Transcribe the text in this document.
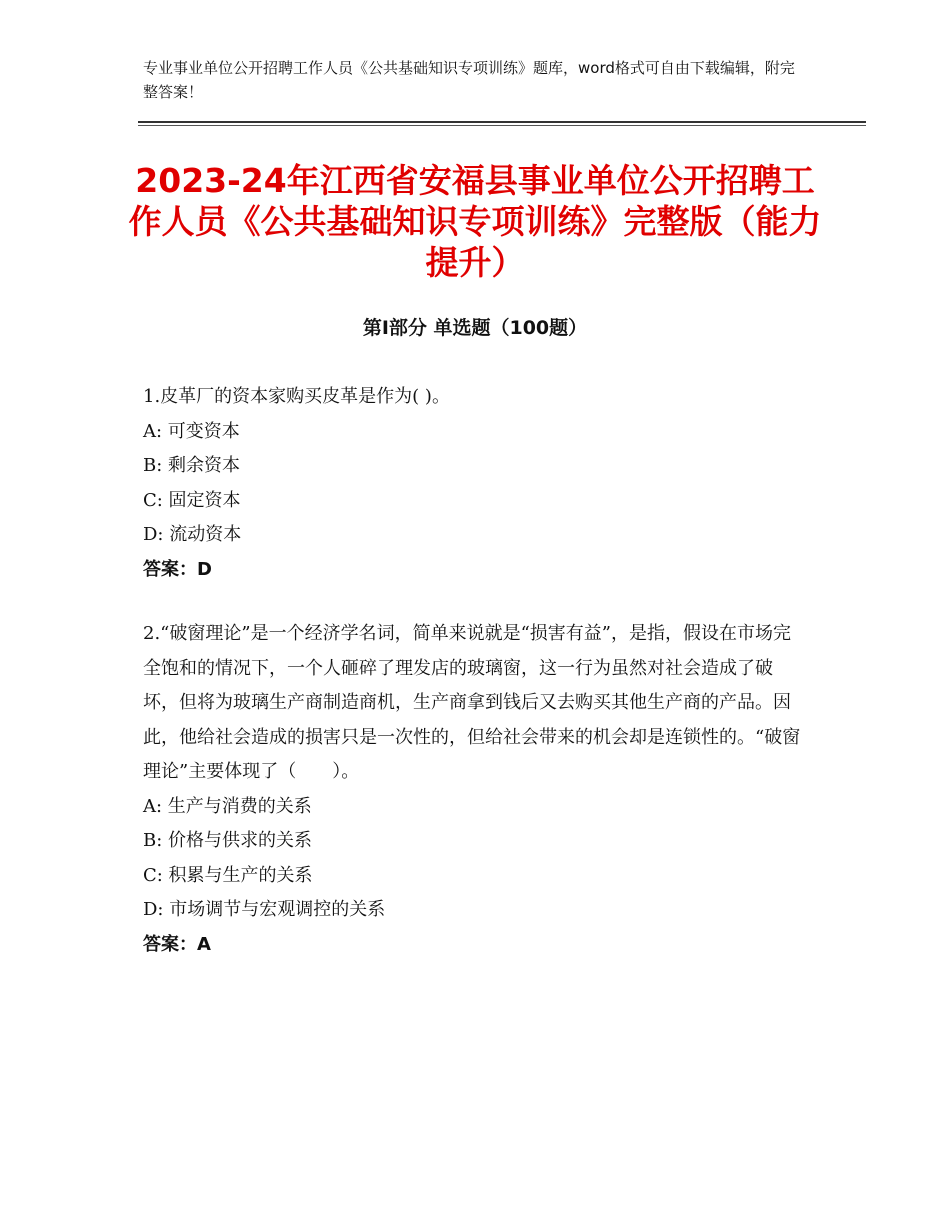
专业事业单位公开招聘工作人员《公共基础知识专项训练》题库，word格式可自由下载编辑，附完整答案！
2023-24年江西省安福县事业单位公开招聘工作人员《公共基础知识专项训练》完整版（能力提升）
第I部分 单选题（100题）

1.皮革厂的资本家购买皮革是作为( )。

A: 可变资本

B: 剩余资本

C: 固定资本

D: 流动资本

答案：D

2.“破窗理论”是一个经济学名词，简单来说就是“损害有益”，是指，假设在市场完全饱和的情况下，一个人砸碎了理发店的玻璃窗，这一行为虽然对社会造成了破坏，但将为玻璃生产商制造商机，生产商拿到钱后又去购买其他生产商的产品。因此，他给社会造成的损害只是一次性的，但给社会带来的机会却是连锁性的。“破窗理论”主要体现了（　　）。

A: 生产与消费的关系

B: 价格与供求的关系

C: 积累与生产的关系

D: 市场调节与宏观调控的关系

答案：A
